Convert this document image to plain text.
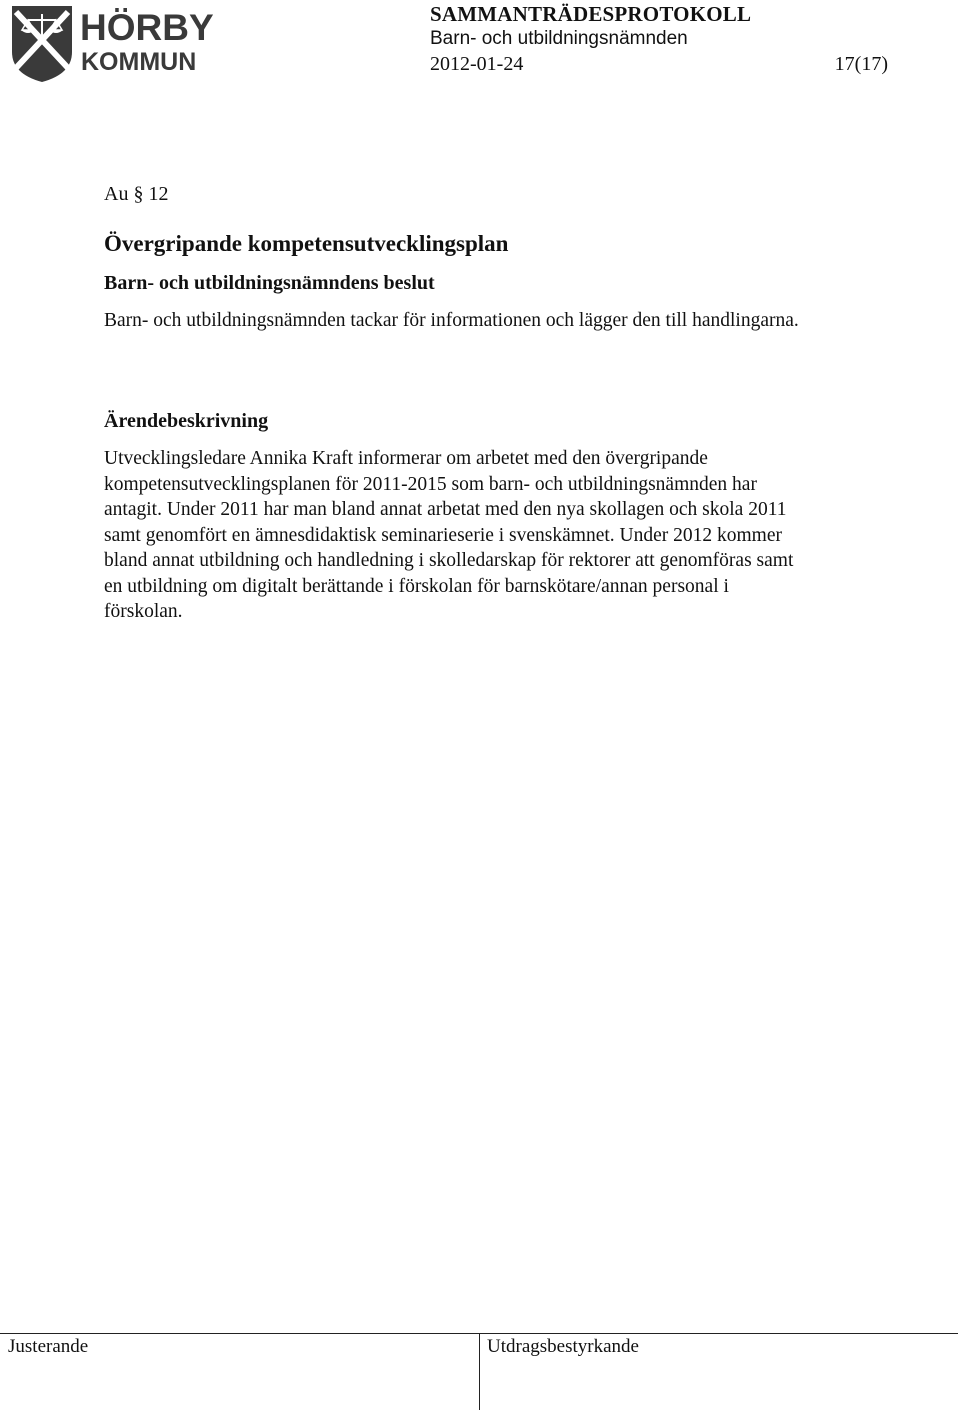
HÖRBY
KOMMUN
SAMMANTRÄDESPROTOKOLL
Barn- och utbildningsnämnden
2012-01-24	17(17)
Au § 12
Övergripande kompetensutvecklingsplan
Barn- och utbildningsnämndens beslut
Barn- och utbildningsnämnden tackar för informationen och lägger den till handlingarna.
Ärendebeskrivning
Utvecklingsledare Annika Kraft informerar om arbetet med den övergripande kompetensutvecklingsplanen för 2011-2015 som barn- och utbildningsnämnden har antagit. Under 2011 har man bland annat arbetat med den nya skollagen och skola 2011 samt genomfört en ämnesdidaktisk seminarieserie i svenskämnet. Under 2012 kommer bland annat utbildning och handledning i skolledarskap för rektorer att genomföras samt en utbildning om digitalt berättande i förskolan för barnskötare/annan personal i förskolan.
Justerande	Utdragsbestyrkande
